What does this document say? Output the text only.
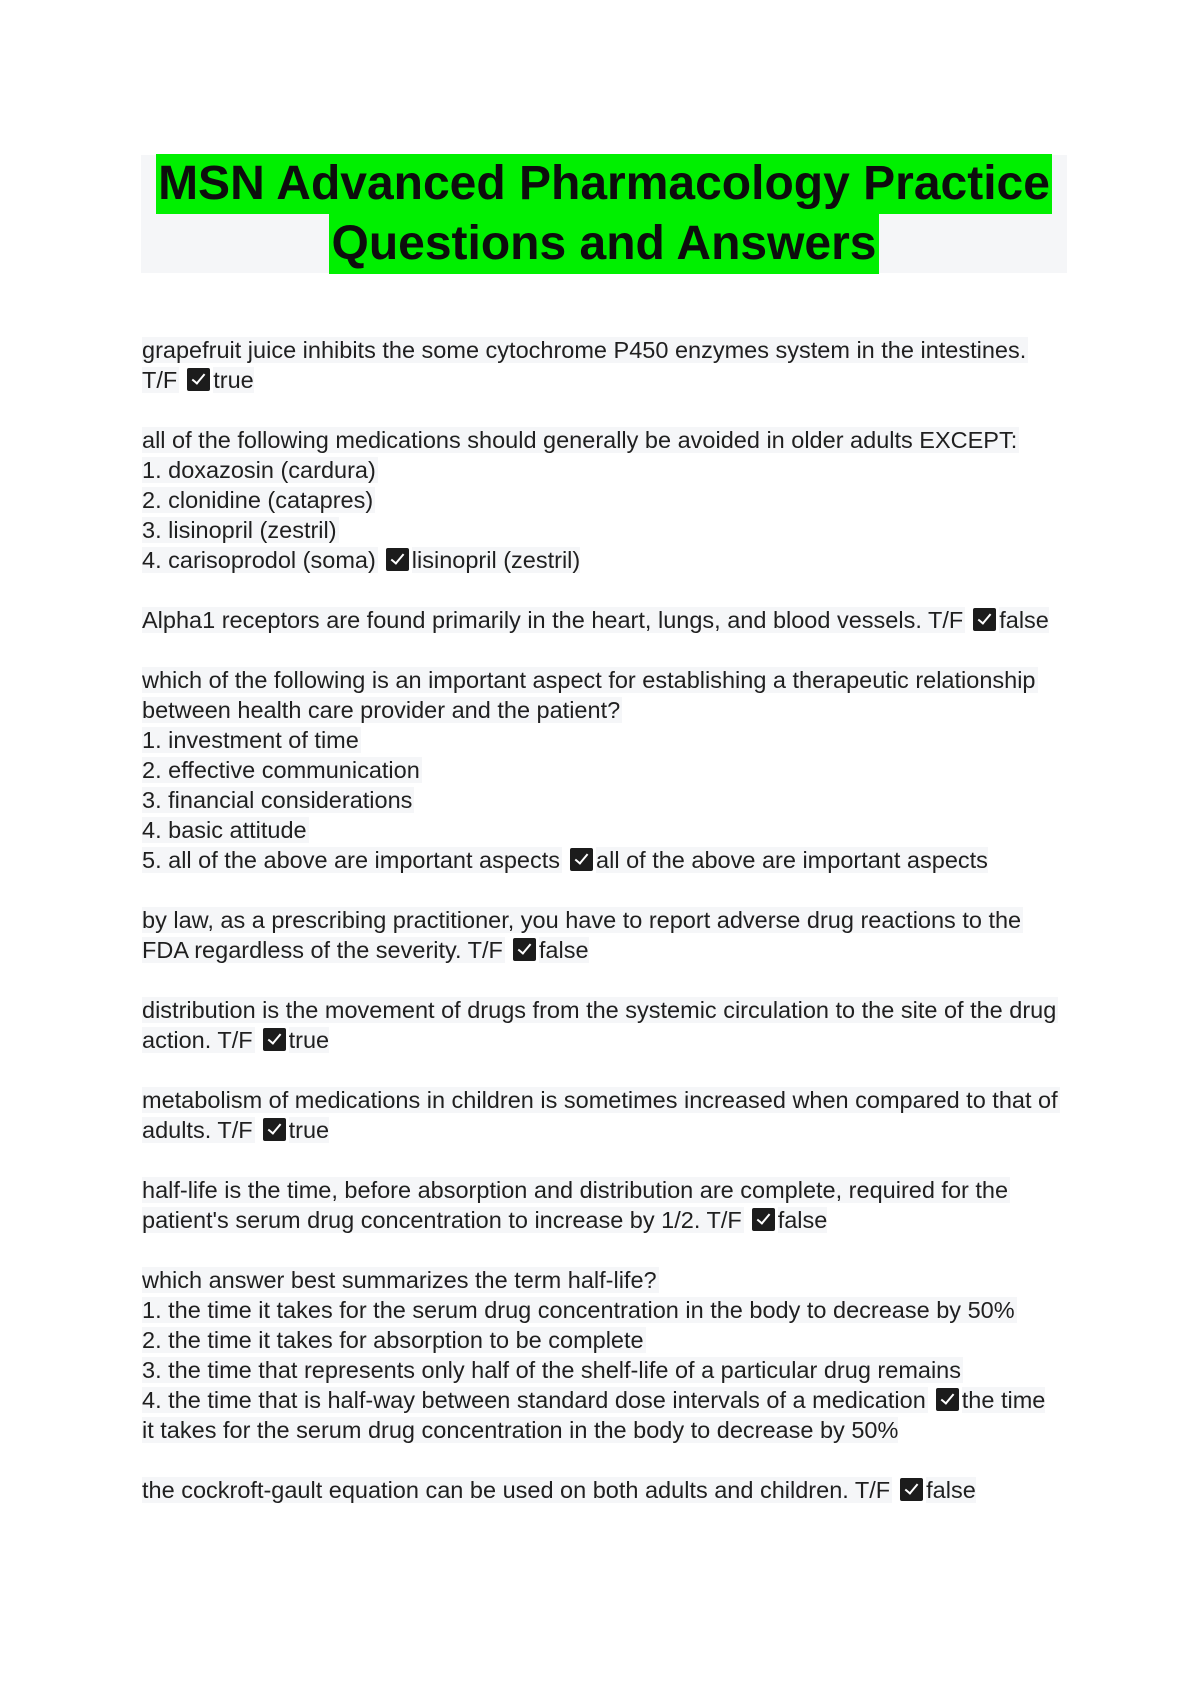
MSN Advanced Pharmacology Practice
Questions and Answers
grapefruit juice inhibits the some cytochrome P450 enzymes system in the intestines.
T/F true
all of the following medications should generally be avoided in older adults EXCEPT:
1. doxazosin (cardura)
2. clonidine (catapres)
3. lisinopril (zestril)
4. carisoprodol (soma) lisinopril (zestril)
Alpha1 receptors are found primarily in the heart, lungs, and blood vessels. T/F false
which of the following is an important aspect for establishing a therapeutic relationship
between health care provider and the patient?
1. investment of time
2. effective communication
3. financial considerations
4. basic attitude
5. all of the above are important aspects all of the above are important aspects
by law, as a prescribing practitioner, you have to report adverse drug reactions to the
FDA regardless of the severity. T/F false
distribution is the movement of drugs from the systemic circulation to the site of the drug
action. T/F true
metabolism of medications in children is sometimes increased when compared to that of
adults. T/F true
half-life is the time, before absorption and distribution are complete, required for the
patient's serum drug concentration to increase by 1/2. T/F false
which answer best summarizes the term half-life?
1. the time it takes for the serum drug concentration in the body to decrease by 50%
2. the time it takes for absorption to be complete
3. the time that represents only half of the shelf-life of a particular drug remains
4. the time that is half-way between standard dose intervals of a medication the time
it takes for the serum drug concentration in the body to decrease by 50%
the cockroft-gault equation can be used on both adults and children. T/F false
